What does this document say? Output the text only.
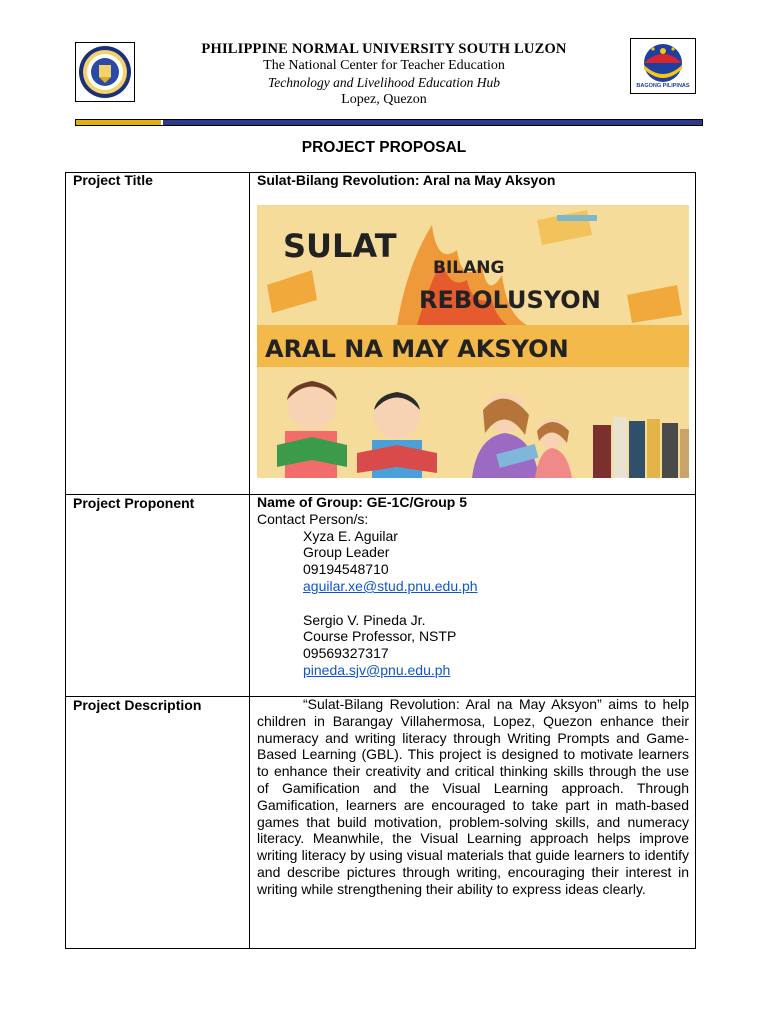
BAGONG PILIPINAS
PHILIPPINE NORMAL UNIVERSITY SOUTH LUZON
The National Center for Teacher Education
Technology and Livelihood Education Hub
Lopez, Quezon
PROJECT PROPOSAL
Project Title
Project Proponent
Project Description
Sulat-Bilang Revolution: Aral na May Aksyon
SULAT
BILANG
REBOLUSYON
ARAL NA MAY AKSYON
Name of Group: GE-1C/Group 5
Contact Person/s:
Xyza E. Aguilar
Group Leader
09194548710
aguilar.xe@stud.pnu.edu.ph
Sergio V. Pineda Jr.
Course Professor, NSTP
09569327317
pineda.sjv@pnu.edu.ph

“Sulat-Bilang Revolution: Aral na May Aksyon” aims to help children in Barangay Villahermosa, Lopez, Quezon enhance their numeracy and writing literacy through Writing Prompts and Game-Based Learning (GBL). This project is designed to motivate learners to enhance their creativity and critical thinking skills through the use of Gamification and the Visual Learning approach. Through Gamification, learners are encouraged to take part in math-based games that build motivation, problem-solving skills, and numeracy literacy. Meanwhile, the Visual Learning approach helps improve writing literacy by using visual materials that guide learners to identify and describe pictures through writing, encouraging their interest in writing while strengthening their ability to express ideas clearly.
